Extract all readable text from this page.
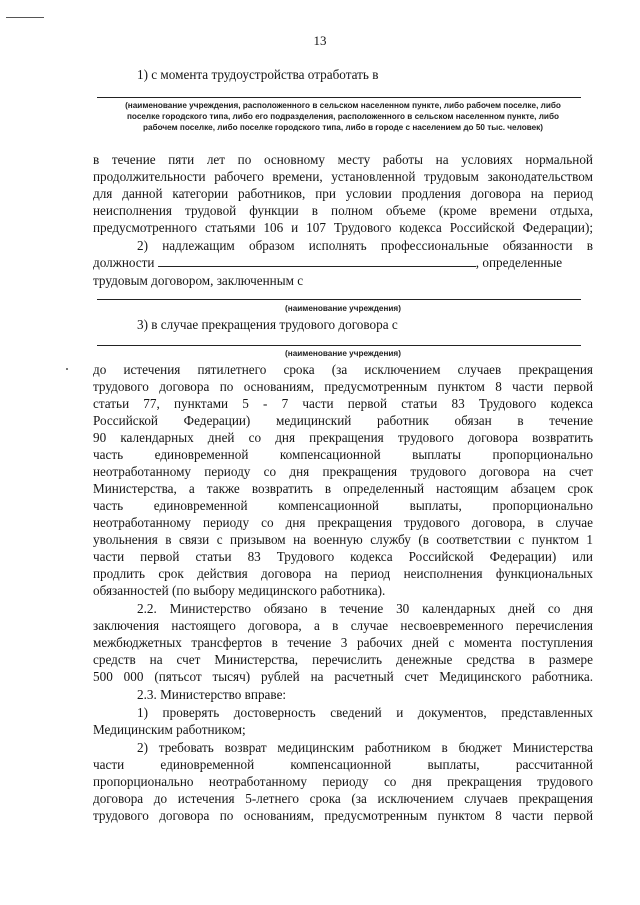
13
1) с момента трудоустройства отработать в
(наименование учреждения, расположенного в сельском населенном пункте, либо рабочем поселке, либо
поселке городского типа, либо его подразделения, расположенного в сельском населенном пункте, либо
рабочем поселке, либо поселке городского типа, либо в городе с населением до 50 тыс. человек)
в течение пяти лет по основному месту работы на условиях нормальной
продолжительности рабочего времени, установленной трудовым законодательством
для данной категории работников, при условии продления договора на период
неисполнения трудовой функции в полном объеме (кроме времени отдыха,
предусмотренного статьями 106 и 107 Трудового кодекса Российской Федерации);
2) надлежащим образом исполнять профессиональные обязанности в
должности	, определенные
трудовым договором, заключенным с
(наименование учреждения)
3) в случае прекращения трудового договора с
(наименование учреждения)
до истечения пятилетнего срока (за исключением случаев прекращения
трудового договора по основаниям, предусмотренным пунктом 8 части первой
статьи 77, пунктами 5 - 7 части первой статьи 83 Трудового кодекса
Российской Федерации) медицинский работник обязан в течение
90 календарных дней со дня прекращения трудового договора возвратить
часть единовременной компенсационной выплаты пропорционально
неотработанному периоду со дня прекращения трудового договора на счет
Министерства, а также возвратить в определенный настоящим абзацем срок
часть единовременной компенсационной выплаты, пропорционально
неотработанному периоду со дня прекращения трудового договора, в случае
увольнения в связи с призывом на военную службу (в соответствии с пунктом 1
части первой статьи 83 Трудового кодекса Российской Федерации) или
продлить срок действия договора на период неисполнения функциональных
обязанностей (по выбору медицинского работника).
2.2. Министерство обязано в течение 30 календарных дней со дня
заключения настоящего договора, а в случае несвоевременного перечисления
межбюджетных трансфертов в течение 3 рабочих дней с момента поступления
средств на счет Министерства, перечислить денежные средства в размере
500 000 (пятьсот тысяч) рублей на расчетный счет Медицинского работника.
2.3. Министерство вправе:
1) проверять достоверность сведений и документов, представленных
Медицинским работником;
2) требовать возврат медицинским работником в бюджет Министерства
части единовременной компенсационной выплаты, рассчитанной
пропорционально неотработанному периоду со дня прекращения трудового
договора до истечения 5-летнего срока (за исключением случаев прекращения
трудового договора по основаниям, предусмотренным пунктом 8 части первой
